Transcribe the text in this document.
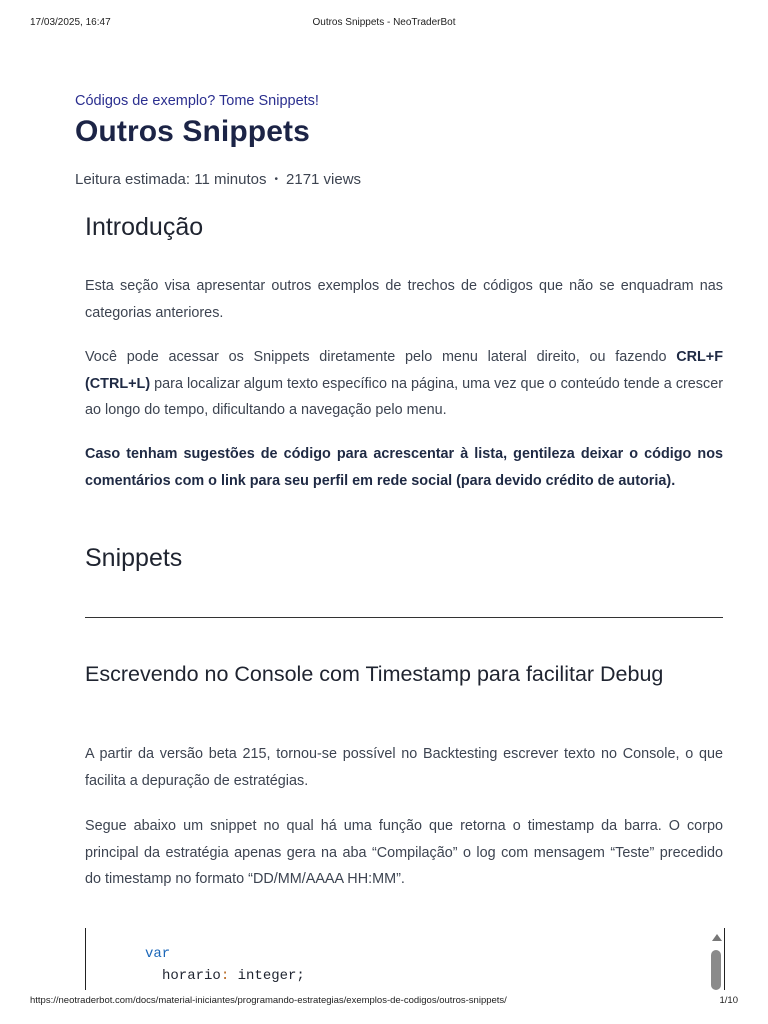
17/03/2025, 16:47	Outros Snippets - NeoTraderBot
Códigos de exemplo? Tome Snippets!
Outros Snippets
Leitura estimada: 11 minutos • 2171 views
Introdução

Esta seção visa apresentar outros exemplos de trechos de códigos que não se enquadram nas categorias anteriores.

Você pode acessar os Snippets diretamente pelo menu lateral direito, ou fazendo CRL+F (CTRL+L) para localizar algum texto específico na página, uma vez que o conteúdo tende a crescer ao longo do tempo, dificultando a navegação pelo menu.

Caso tenham sugestões de código para acrescentar à lista, gentileza deixar o código nos comentários com o link para seu perfil em rede social (para devido crédito de autoria).

Snippets
Escrevendo no Console com Timestamp para facilitar Debug

A partir da versão beta 215, tornou-se possível no Backtesting escrever texto no Console, o que facilita a depuração de estratégias.

Segue abaixo um snippet no qual há uma função que retorna o timestamp da barra. O corpo principal da estratégia apenas gera na aba “Compilação” o log com mensagem “Teste” precedido do timestamp no formato “DD/MM/AAAA HH:MM”.

var
horario: integer;
https://neotraderbot.com/docs/material-iniciantes/programando-estrategias/exemplos-de-codigos/outros-snippets/	1/10
